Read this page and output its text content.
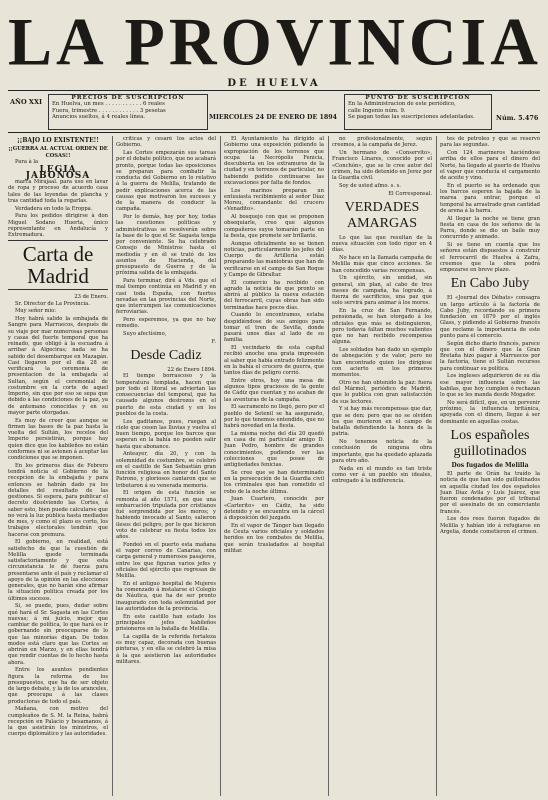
LA PROVINCIA
DE HUELVA
AÑO XXI	PRECIOS DE SUSCRIPCION
En Huelva, un mes . . . . . . . . . . . 6 reales
Fuera, trimestre . . . . . . . . . . . . 3 pesetas
Anuncios sueltos, á 4 reales línea.	MIERCOLES 24 DE ENERO DE 1894
PUNTO DE SUSCRIPCION
En la Administracion de este periódico,
calle Ingenio núm. 9.
Se pagan todas las suscripciones adelantadas.	Núm. 5.476
¡¡BAJO LO EXISTENTE!!
¡¡GUERRA AL ACTUAL ORDEN DE COSAS!!

Para à la

LEGIA JABONOSA

marca Mirajaal. para uso en lavar de ropa y proceso de acuerdo casa tales de las leyendas de plancha y tras cantidad toda la regarlas.

Verdadera en todo la Eroppa.

Para los pedidos dirigirse à don Miguel Sodano Huerta, único representante en Andalucía y Extremadura.

Carta de Madrid
23 de Enero.

Sr. Director de La Provincia.

Muy señor mio:

Hoy habrá salido la embajada de Sangre para Marruecos, después de su viaje por mar numerosas personas y casas del fuerte temporal que ha reinado, que obligó à la escuadra á arribar á Algeciras; nada se ha sabido del desembarque en Mazagán. Casi llegaron por el dia 28 se verificará la ceremonia de presentacion de la embajada al Sultan, según el ceremonial de costumbre en la corte de aquel Imperio, sin que por eso se sepa que debido à las condiciones de la paz, ya de antemano conocidas y en su mayor parte otorgadas.

Es muy de creer que aunque se firmen las bases de la paz hasta la vuelta del Sultán, los recelos del Imperio persistirán, porque hay quien dice que los kabileños no están conformes ni se avienen á aceptar las condiciones que se imponen.

En los primeros dias de Febrero tendrá noticia el Gobierno de la recepcion de la embajada y para entonces se habrán dado ya los detalles del resultado de las gestiones. Si espera, para publicar el decreto disolviendo las Cortes, á saber esto, bien puede calcularse que no verá la luz pública hasta mediados de mes, y como el plazo es corto, los trabajos electorales tendrán que hacerse con premura.

El gobierno, en realidad, está satisfecho de que la cuestión de Melilla quede terminada satisfactoriamente y que esta circunstancia le dé fuerza para presentarse ante el país y reclamar el apoyo de la opinión en las elecciones generales, que no harán sino afirmar la situación política creada por los últimos sucesos.

Si, se puede, pues, dudar sobre qué hará el Sr. Sagasta en las Cortes nuevas; á mi juicio, mejor que cambiar de política, lo que hará es ir gobernando sin preocuparse de lo que las minorías digan. De todos modos está claro que las Cortes se abrirán en Marzo, y en ellas tendrá que rendir cuentas de lo hecho hasta ahora.

Entre los asuntos pendientes figura la reforma de los presupuestos, que ha de ser objeto de largo debate, y la de los aranceles, que preocupa á las clases productoras de todo el país.

Mañana, con motivo del cumpleaños de S. M. la Reina, habrá recepción en Palacio y besamanos, á la que asistirán los ministros, el cuerpo diplomático y las autoridades.

críticas y cesaré los actos del Gobierno.

Las Cortes empezarán sus tareas por el debate político, que no acabará pronto, porque todas las oposiciones se preparan para combatir la conducta del Gobierno en lo relativo á la guerra de Melilla, tratando de pedir explicaciones acerca de las causas que motivaron los sucesos y de la manera de conducir la campaña.

Por lo demás, hoy por hoy, todas las cuestiones políticas y administrativas se resolverán sobre la base de lo que el Sr. Sagasta tenga por conveniente. Se ha celebrado Consejo de Ministros hasta el mediodía y en él se trató de los asuntos de Hacienda, del presupuesto de Guerra y de la próxima salida de la embajada.

Para terminar, diré á Vds. que el mal tiempo continúa en Madrid y en casi toda España, con fuertes nevadas en las provincias del Norte, que interrumpen las comunicaciones ferroviarias.

Pero esperemos, ya que no hay remedio.

Suyo afectísimo,

F.
Desde Cadiz
22 de Enero 1894.

El tiempo borrascoso y la temperatura templada, hacen que por todo el litoral se adviertan las consecuencias del temporal, que ha causado algunos destrozos en el puerto de esta ciudad y en los pueblos de la costa.

Los gaditanos, pues, ruegan al cielo que cesen las lluvias y vuelva el buen tiempo, porque los barcos que esperan en la bahía no pueden salir hasta que abonance.

Anteayer, día 20, y con la solemnidad de costumbre, se celebró en el castillo de San Sebastián gran función religiosa en honor del Santo Patrono, y gloriosos cantaron que se tributaron á su venerada memoria.

El origen de esta función se remonta al año 1571, en que una embarcación tripulada por cristianos fué sorprendida por los moros; y habiendo invocado al Santo, salieron ilesos del peligro, por lo que hicieron voto de celebrar su fiesta todos los años.

Fondeó en el puerto esta mañana el vapor correo de Canarias, con carga general y numerosos pasajeros, entre los que figuran varios jefes y oficiales del ejército que regresan de Melilla.

En el antiguo hospital de Mujeres ha comenzado á instalarse el Colegio de Náutica, que ha de ser pronto inaugurado con toda solemnidad por las autoridades de la provincia.

En este castillo han estado los principales jefes kabileños prisioneros en la batalla de Melilla.

La capilla de la referida fortaleza es muy capaz, decorada con buenas pinturas, y en ella se celebró la misa á la que asistieron las autoridades militares.

El Ayuntamiento ha dirigido al Gobierno una exposición pidiendo la expropiación de los terrenos que ocupa la Necrópolis Fenicia, descubierta en los extramuros de la ciudad y en terrenos de particular, no habiendo podido continuarse las excavaciones por falta de fondos.

Los marinos preparan un entusiasta recibimiento al señor Díaz Moreu, comandante del crucero «Venadito».

Al bosquejo con que se proponen obsequiarle, creo que algunos compañeros suyos tomarán parte en la fiesta, que promete ser brillante.

Aunque oficialmente no se tienen noticias, particularmente los jefes del Cuerpo de Artillería están preparando las maniobras que han de verificarse en el campo de San Roque y Campo de Gibraltar.

El comercio ha recibido con agrado la noticia de que pronto se abrirá al público la nueva estación del ferrocarril, cuyas obras han sido terminadas hace pocos días.

Cuando lo encontramos, estaba despidiéndose de sus amigos para tomar el tren de Sevilla, donde pasará unos días al lado de su familia.

El vecindario de esta capital recibió anoche una grata impresión al saber que había entrado felizmente en la bahía el crucero de guerra, que tantos días de peligro corrió.

Entre otros, hoy una mesa de algunos tipos graciosos de la gente de Cádiz que cuentan y no acaban de las aventuras de la campaña.

El sacramento no llegó, pero por el pueblo de Setenil se ha asegurado, por lo que tenemos entendido, que no habrá novedad en la fiesta.

La misma noche del día 20 quedó en casa de mi particular amigo D. Juan Pedro, hombre de grandes conocimientos, pudiendo ver las colecciones que posee de antigüedades fenicias.

Se cree que se han determinado en la persecución de la Guardia civil los criminales que han cometido el robo de la noche última.

Juan Cuartero, conocido por «Carterito» en Cádiz, ha sido detenido y se encuentra en la cárcel á disposición del juzgado.

En el vapor de Tánger han llegado de Ceuta varios oficiales y soldados heridos en los combates de Melilla, que serán trasladados al hospital militar.

no profesionalmente, según creemos, á la campaña de Jerez.

Un hermano de «Conservito», Francisco Linares, conocido por el «Conchón», que se le cree autor del crimen, ha sido detenido en Jerez por la Guardia civil.

Soy de usted afmo. s. s.

El Corresponsal.
VERDADES AMARGAS

Lo que las que resultan de la nueva situación con todo rigor en 4 días.

No hace en la llamada campaña de Melilla más que cinco acciones. Se han concedido varias recompensas.

Un ejército, sin unidad, sin general, sin plan, al cabo de tres meses de campaña, ha logrado, á fuerza de sacrificios, una paz que solo servirá para animar á los moros.

En la cruz de San Fernando, pensionada, se han otorgado á los oficiales que más se distinguieron, pero todavía faltan muchos valientes que no han recibido recompensa alguna.

Los soldados han dado un ejemplo de abnegación y de valor, pero no han encontrado quien los dirigiese con acierto en los primeros momentos.

Otro no han obtenido la paz: fuera del Mármol, periódico de Madrid, que lo publica con gran satisfacción de sus lectores.

Y si hay más recompensas que dar, que se den; pero que no se olviden los que murieron en el campo de batalla defendiendo la honra de la patria.

No tenemos noticia de la conclusión de ninguna obra importante, que ha quedado aplazada para otro año.

Nada en el mundo es tan triste como ver á un pueblo sin ideales, entregado á la indiferencia.

tes de petroleo y que se reservó para las segundas.

Con 124 marineros haciéndose arriba de ellos para el dinero del Norte, ha llegado al puerto de Huelva el vapor que conducía el cargamento de aceite y vino.

En el puerto se ha ordenado que los barcos esperen la bajada de la marea para entrar, porque el temporal ha arrastrado gran cantidad de arena á la barra.

Al llegar la noche se tiene gran fiesta en casa de los señores de la Parra, donde se dio un baile muy concurrido y animado.

Si se tiene en cuenta que los señores están dispuestos á construir el ferrocarril de Huelva á Zafra, creemos que la obra podrá empezarse en breve plazo.

En Cabo Juby

El «Journal des Débats» consagra un largo artículo á la factoría de Cabo Juby, recordando su primera fundación en 1879 por el inglés Glass, y pidiendo al Gobierno francés que reclame la importancia de este punto para el comercio.

Según dicho diario francés, parece que con el dinero que la Gran Bretaña hizo pagar á Marruecos por la factoría, tiene el Sultán recursos para continuar su política.

Los ingleses adquirieron de su día ese mayor influencia sobre las kabilas, que hoy cumplen ó rechazan lo que se les manda desde Mogador.

No será difícil, que, en un porvenir próximo, la influencia británica, apoyada con el dinero, llegue á ser dominante en aquellas costas.

Los españoles guillotinados
Dos fugados de Melilla

El parte de Orán ha traído la noticia de que han sido guillotinados en aquella ciudad los dos españoles Juan Díaz Avila y Luis Juárez, que fueron condenados por el tribunal por el asesinato de un comerciante francés.

Los dos reos fueron fugados de Melilla y habían ido á refugiarse en Argelia, donde cometieron el crimen.
